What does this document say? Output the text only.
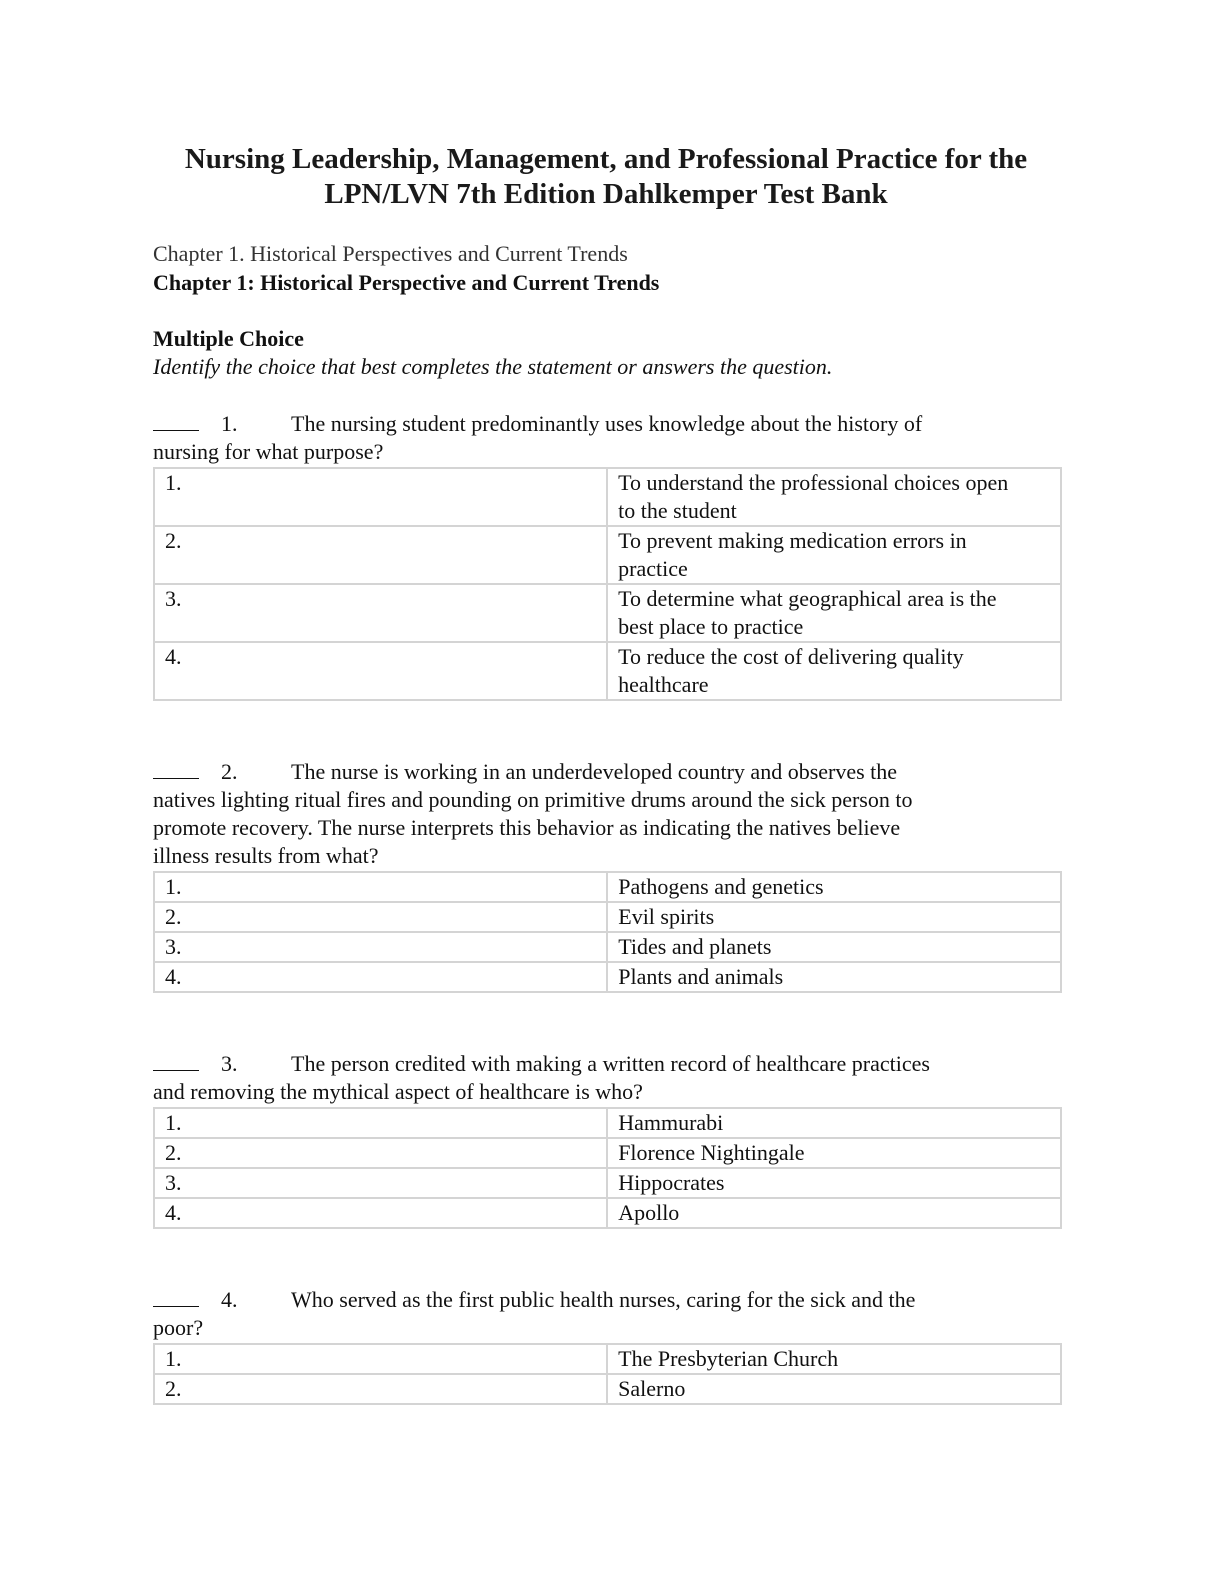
Nursing Leadership, Management, and Professional Practice for the
LPN/LVN 7th Edition Dahlkemper Test Bank
Chapter 1. Historical Perspectives and Current Trends
Chapter 1: Historical Perspective and Current Trends
Multiple Choice
Identify the choice that best completes the statement or answers the question.
1. The nursing student predominantly uses knowledge about the history of
nursing for what purpose?
1.	To understand the professional choices open
to the student

2.	To prevent making medication errors in
practice

3.	To determine what geographical area is the
best place to practice

4.	To reduce the cost of delivering quality
healthcare
2. The nurse is working in an underdeveloped country and observes the
natives lighting ritual fires and pounding on primitive drums around the sick person to
promote recovery. The nurse interprets this behavior as indicating the natives believe
illness results from what?
1.	Pathogens and genetics
2.	Evil spirits
3.	Tides and planets
4.	Plants and animals
3. The person credited with making a written record of healthcare practices
and removing the mythical aspect of healthcare is who?
1.	Hammurabi
2.	Florence Nightingale
3.	Hippocrates
4.	Apollo
4. Who served as the first public health nurses, caring for the sick and the
poor?
1.	The Presbyterian Church
2.	Salerno
